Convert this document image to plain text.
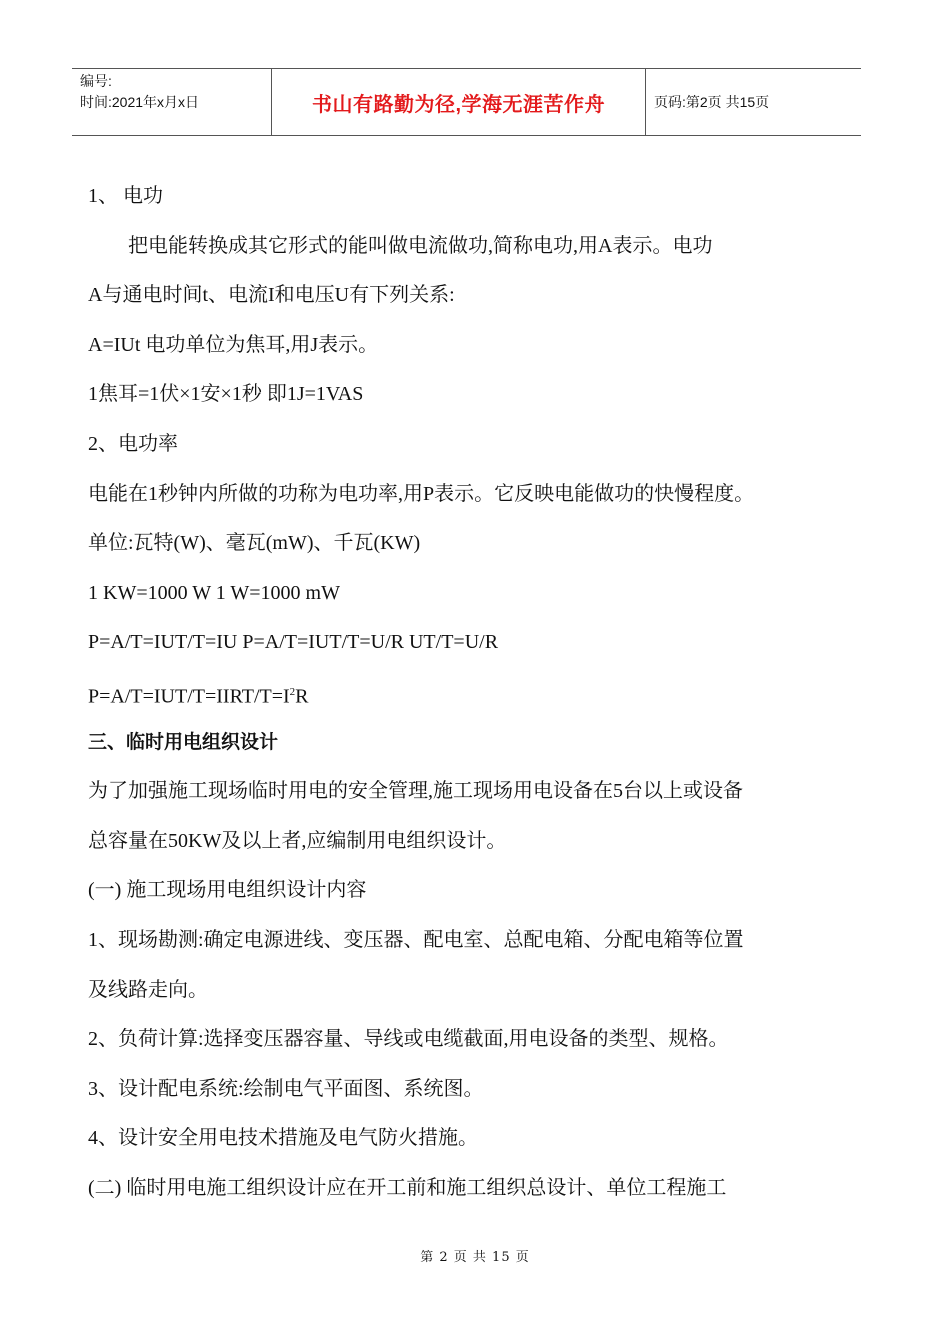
编号:
时间:2021年x月x日	书山有路勤为径,学海无涯苦作舟	页码:第2页 共15页
1、 电功
把电能转换成其它形式的能叫做电流做功,简称电功,用A表示。电功
A与通电时间t、电流I和电压U有下列关系:
A=IUt 电功单位为焦耳,用J表示。
1焦耳=1伏×1安×1秒 即1J=1VAS
2、电功率
电能在1秒钟内所做的功称为电功率,用P表示。它反映电能做功的快慢程度。
单位:瓦特(W)、毫瓦(mW)、千瓦(KW)
1 KW=1000 W 1 W=1000 mW
P=A/T=IUT/T=IU P=A/T=IUT/T=U/R UT/T=U/R
$P=A/T=IUT/T=IIRT/T=I^2R$
三、临时用电组织设计
为了加强施工现场临时用电的安全管理,施工现场用电设备在5台以上或设备
总容量在50KW及以上者,应编制用电组织设计。
(一) 施工现场用电组织设计内容
1、现场勘测:确定电源进线、变压器、配电室、总配电箱、分配电箱等位置
及线路走向。
2、负荷计算:选择变压器容量、导线或电缆截面,用电设备的类型、规格。
3、设计配电系统:绘制电气平面图、系统图。
4、设计安全用电技术措施及电气防火措施。
(二) 临时用电施工组织设计应在开工前和施工组织总设计、单位工程施工
第 2 页 共 15 页
